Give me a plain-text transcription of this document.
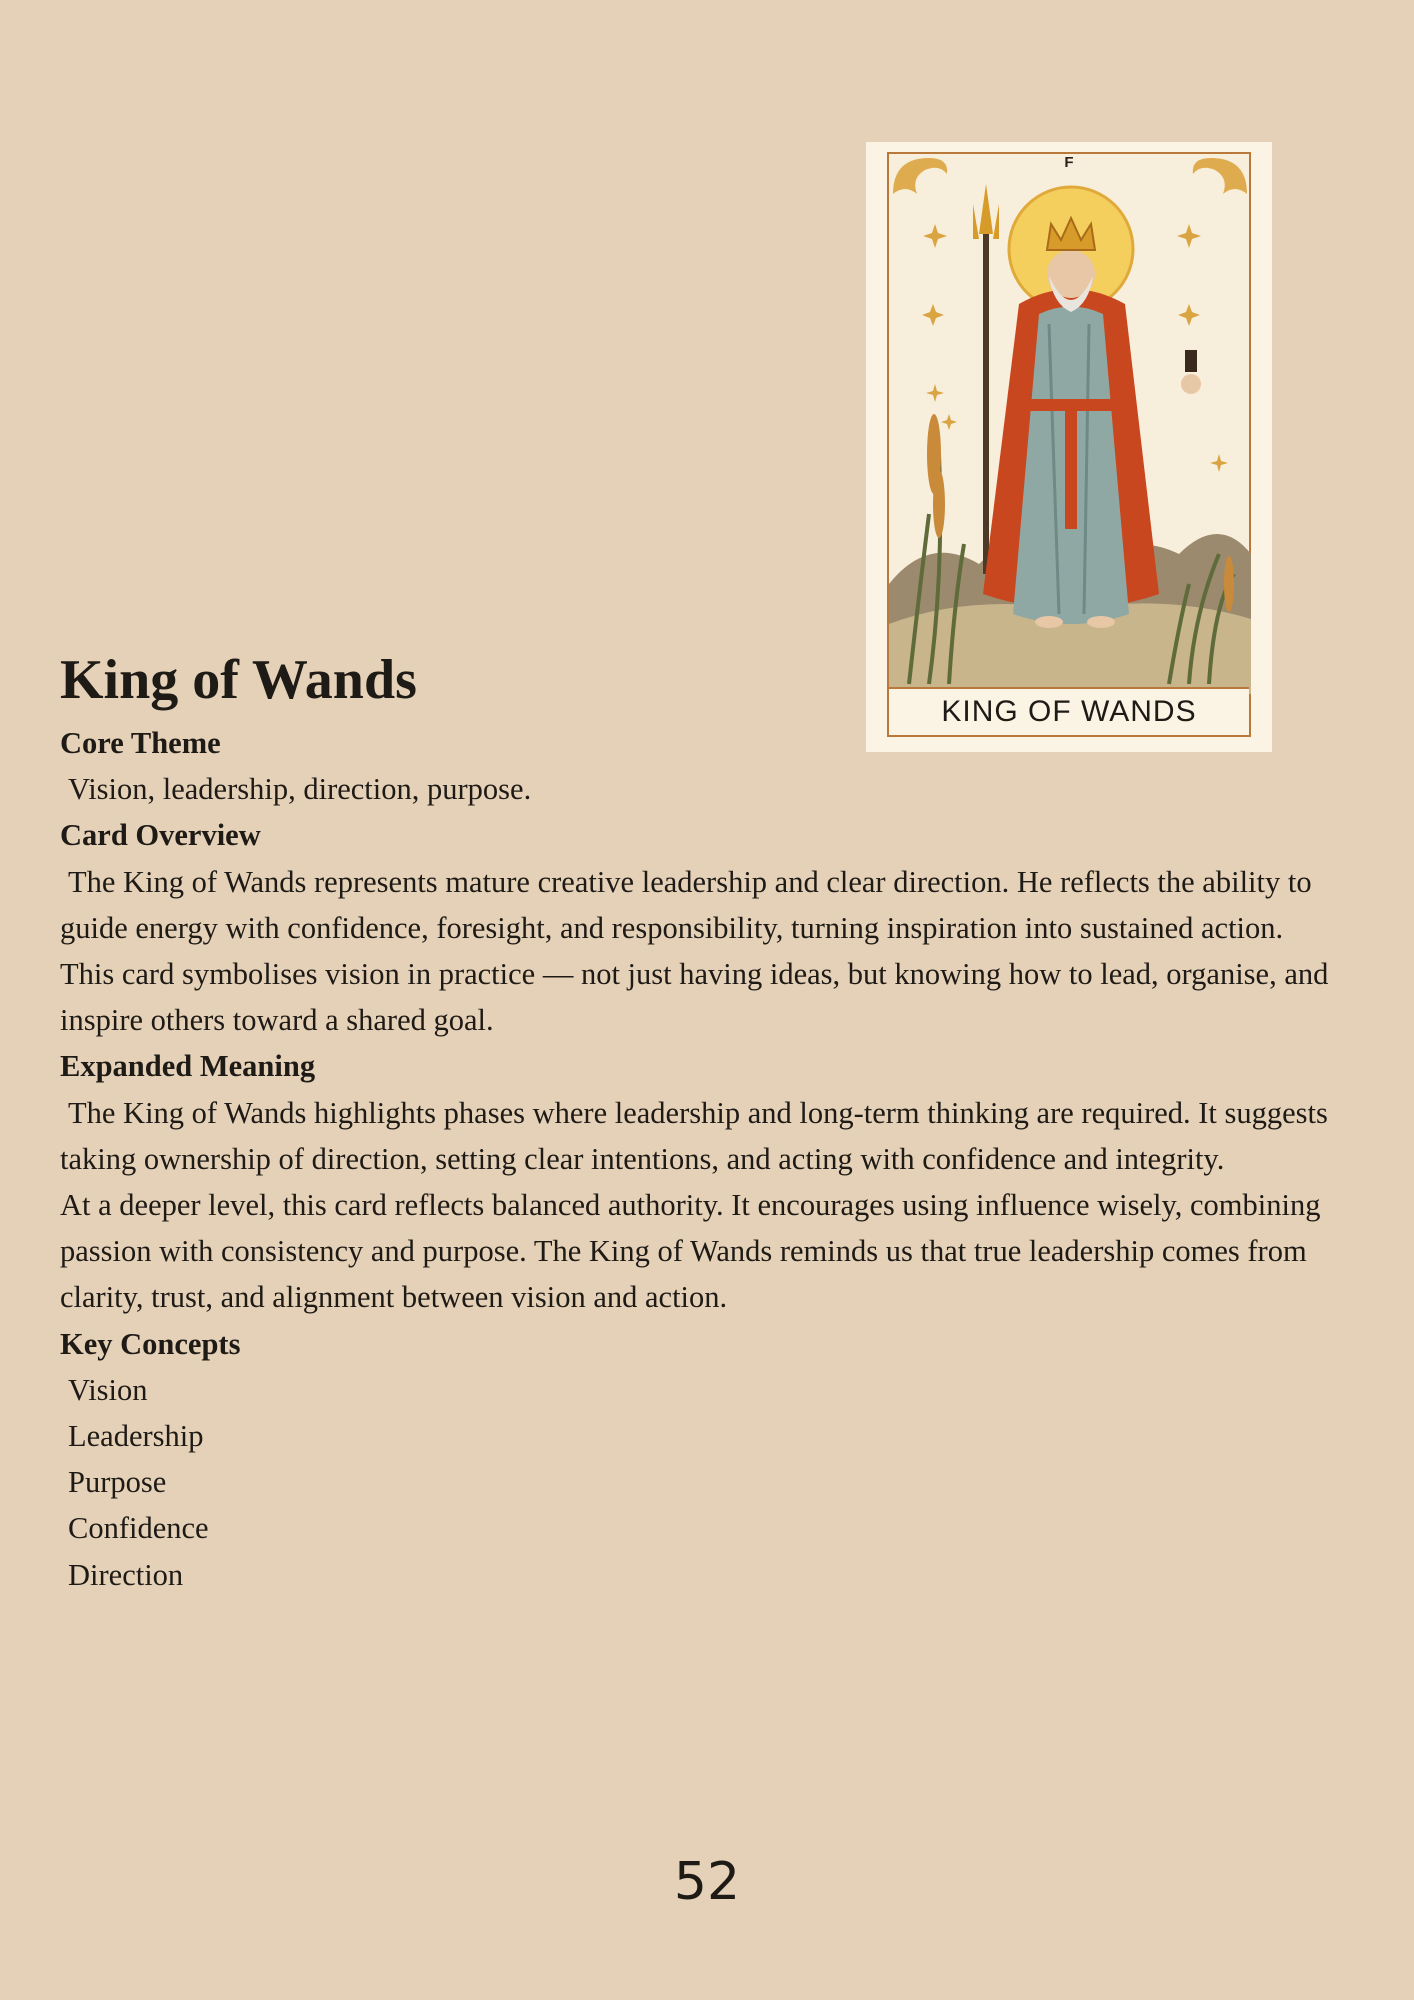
F
KING OF WANDS
King of Wands

Core Theme

Vision, leadership, direction, purpose.

Card Overview

The King of Wands represents mature creative leadership and clear direction. He reflects the ability to guide energy with confidence, foresight, and responsibility, turning inspiration into sustained action.

This card symbolises vision in practice — not just having ideas, but knowing how to lead, organise, and inspire others toward a shared goal.

Expanded Meaning

The King of Wands highlights phases where leadership and long-term thinking are required. It suggests taking ownership of direction, setting clear intentions, and acting with confidence and integrity.

At a deeper level, this card reflects balanced authority. It encourages using influence wisely, combining passion with consistency and purpose. The King of Wands reminds us that true leadership comes from clarity, trust, and alignment between vision and action.

Key Concepts

Vision

Leadership

Purpose

Confidence

Direction

52
